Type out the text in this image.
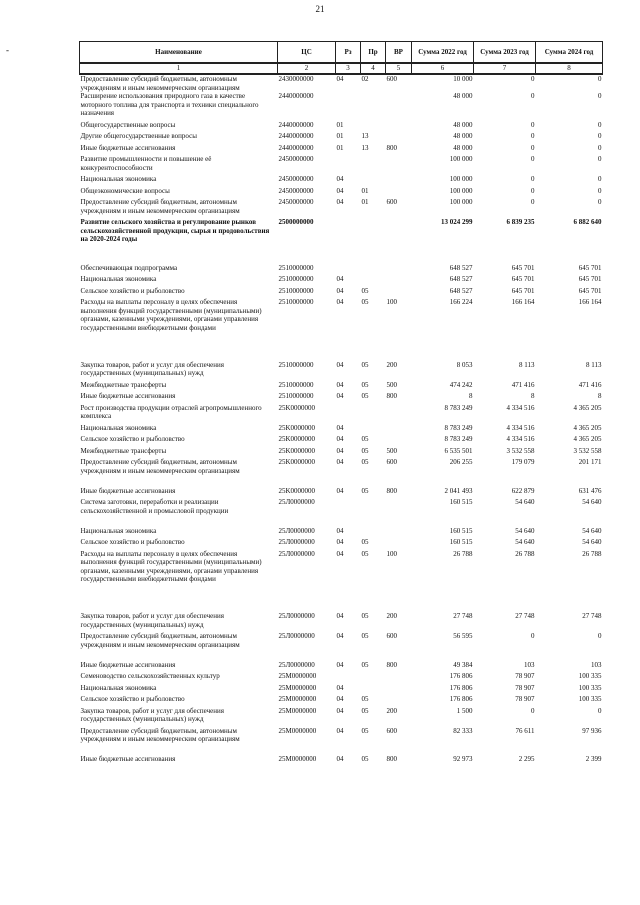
21
-	Наименование	ЦС	Рз	Пр	ВР	Сумма 2022 год	Сумма 2023 год	Сумма 2024 год
1	2	3	4	5	6	7	8
Предоставление субсидий бюджетным, автономным учреждениям и иным некоммерческим организациям	2430000000	04	02	600	10 000	0	0
Расширение использования природного газа в качестве моторного топлива для транспорта и техники специального назначения	2440000000				48 000	0	0
Общегосударственные вопросы	2440000000	01			48 000	0	0
Другие общегосударственные вопросы	2440000000	01	13		48 000	0	0
Иные бюджетные ассигнования	2440000000	01	13	800	48 000	0	0
Развитие промышленности и повышение её конкурентоспособности	2450000000				100 000	0	0
Национальная экономика	2450000000	04			100 000	0	0
Общеэкономические вопросы	2450000000	04	01		100 000	0	0
Предоставление субсидий бюджетным, автономным учреждениям и иным некоммерческим организациям	2450000000	04	01	600	100 000	0	0
Развитие сельского хозяйства и регулирование рынков сельскохозяйственной продукции, сырья и продовольствия на 2020-2024 годы	2500000000				13 024 299	6 839 235	6 882 640
Обеспечивающая подпрограмма	2510000000				648 527	645 701	645 701
Национальная экономика	2510000000	04			648 527	645 701	645 701
Сельское хозяйство и рыболовство	2510000000	04	05		648 527	645 701	645 701
Расходы на выплаты персоналу в целях обеспечения выполнения функций государственными (муниципальными) органами, казенными учреждениями, органами управления государственными внебюджетными фондами	2510000000	04	05	100	166 224	166 164	166 164
Закупка товаров, работ и услуг для обеспечения государственных (муниципальных) нужд	2510000000	04	05	200	8 053	8 113	8 113
Межбюджетные трансферты	2510000000	04	05	500	474 242	471 416	471 416
Иные бюджетные ассигнования	2510000000	04	05	800	8	8	8
Рост производства продукции отраслей агропромышленного комплекса	25K0000000				8 783 249	4 334 516	4 365 205
Национальная экономика	25K0000000	04			8 783 249	4 334 516	4 365 205
Сельское хозяйство и рыболовство	25K0000000	04	05		8 783 249	4 334 516	4 365 205
Межбюджетные трансферты	25K0000000	04	05	500	6 535 501	3 532 558	3 532 558
Предоставление субсидий бюджетным, автономным учреждениям и иным некоммерческим организациям	25K0000000	04	05	600	206 255	179 079	201 171
Иные бюджетные ассигнования	25K0000000	04	05	800	2 041 493	622 879	631 476
Система заготовки, переработки и реализации сельскохозяйственной и промысловой продукции	25Л0000000				160 515	54 640	54 640
Национальная экономика	25Л0000000	04			160 515	54 640	54 640
Сельское хозяйство и рыболовство	25Л0000000	04	05		160 515	54 640	54 640
Расходы на выплаты персоналу в целях обеспечения выполнения функций государственными (муниципальными) органами, казенными учреждениями, органами управления государственными внебюджетными фондами	25Л0000000	04	05	100	26 788	26 788	26 788
Закупка товаров, работ и услуг для обеспечения государственных (муниципальных) нужд	25Л0000000	04	05	200	27 748	27 748	27 748
Предоставление субсидий бюджетным, автономным учреждениям и иным некоммерческим организациям	25Л0000000	04	05	600	56 595	0	0
Иные бюджетные ассигнования	25Л0000000	04	05	800	49 384	103	103
Семеноводство сельскохозяйственных культур	25M0000000				176 806	78 907	100 335
Национальная экономика	25M0000000	04			176 806	78 907	100 335
Сельское хозяйство и рыболовство	25M0000000	04	05		176 806	78 907	100 335
Закупка товаров, работ и услуг для обеспечения государственных (муниципальных) нужд	25M0000000	04	05	200	1 500	0	0
Предоставление субсидий бюджетным, автономным учреждениям и иным некоммерческим организациям	25M0000000	04	05	600	82 333	76 611	97 936
Иные бюджетные ассигнования	25M0000000	04	05	800	92 973	2 295	2 399
